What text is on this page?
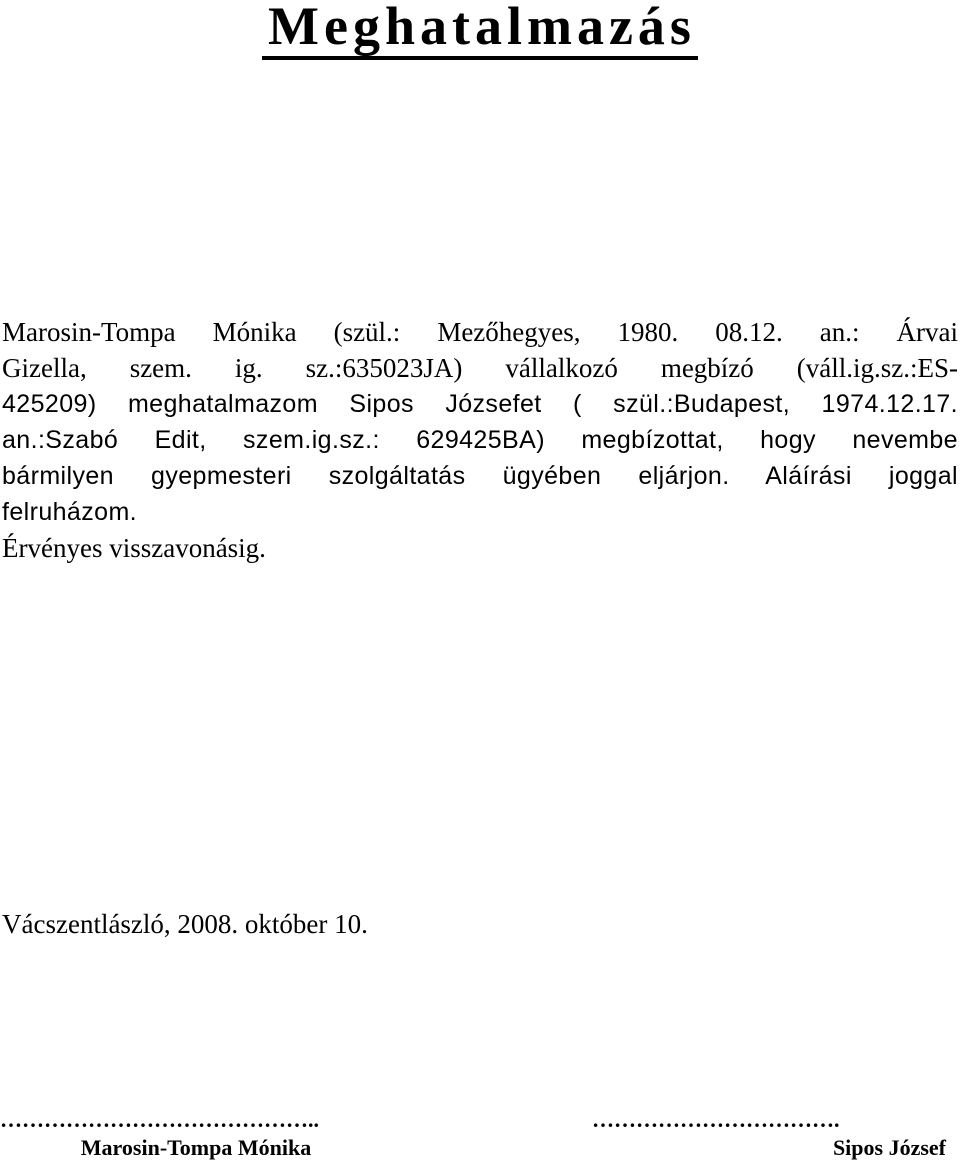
Meghatalmazás
Marosin-Tompa Mónika (szül.: Mezőhegyes, 1980. 08.12. an.: Árvai
Gizella, szem. ig. sz.:635023JA) vállalkozó megbízó (váll.ig.sz.:ES-
425209) meghatalmazom Sipos Józsefet ( szül.:Budapest, 1974.12.17.
an.:Szabó Edit, szem.ig.sz.: 629425BA) megbízottat, hogy nevembe
bármilyen gyepmesteri szolgáltatás ügyében eljárjon. Aláírási joggal
felruházom.
Érvényes visszavonásig.

Vácszentlászló, 2008. október 10.

……………………………………..
Marosin-Tompa Mónika
…………………………….
Sipos József
